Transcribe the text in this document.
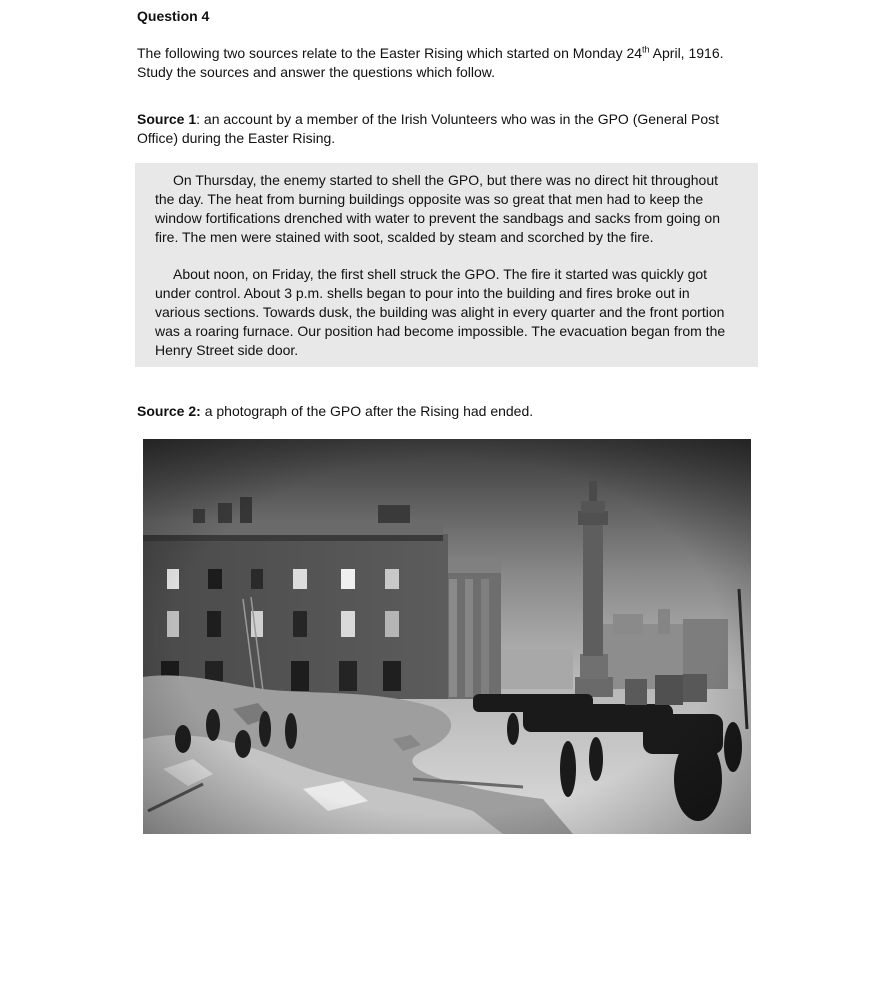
Question 4
The following two sources relate to the Easter Rising which started on Monday 24th April, 1916. Study the sources and answer the questions which follow.
Source 1: an account by a member of the Irish Volunteers who was in the GPO (General Post Office) during the Easter Rising.

On Thursday, the enemy started to shell the GPO, but there was no direct hit throughout the day. The heat from burning buildings opposite was so great that men had to keep the window fortifications drenched with water to prevent the sandbags and sacks from going on fire. The men were stained with soot, scalded by steam and scorched by the fire.

About noon, on Friday, the first shell struck the GPO. The fire it started was quickly got under control. About 3 p.m. shells began to pour into the building and fires broke out in various sections. Towards dusk, the building was alight in every quarter and the front portion was a roaring furnace. Our position had become impossible. The evacuation began from the Henry Street side door.

Source 2: a photograph of the GPO after the Rising had ended.
